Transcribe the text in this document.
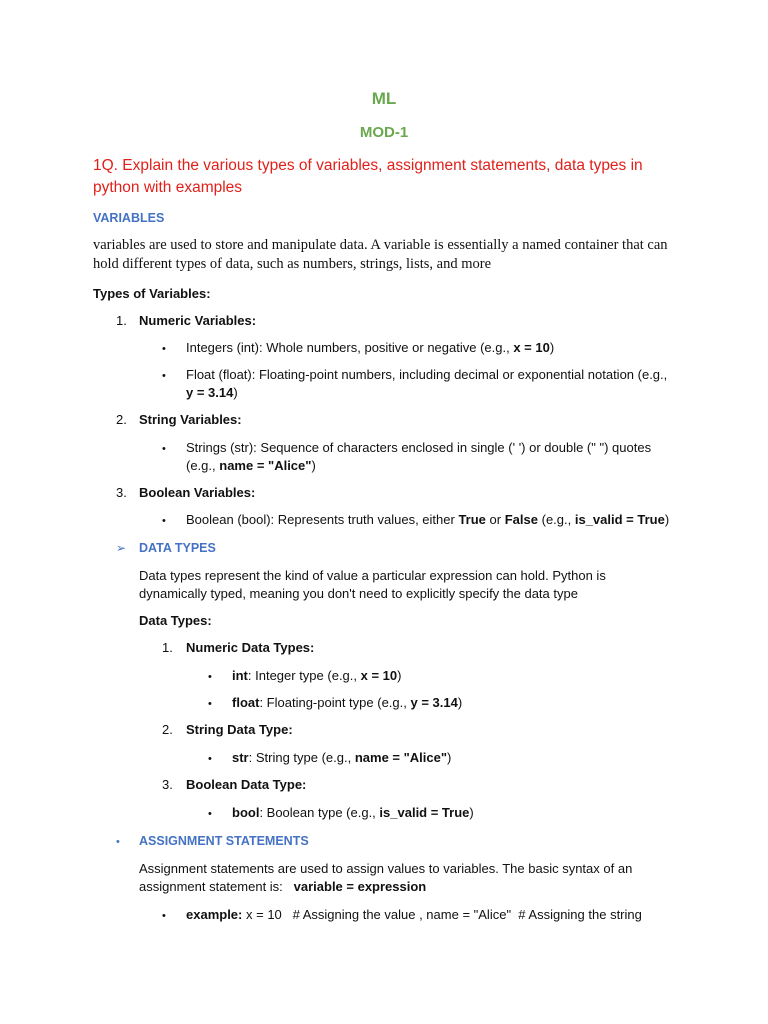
ML
MOD-1
1Q. Explain the various types of variables, assignment statements, data types in python with examples
VARIABLES
variables are used to store and manipulate data. A variable is essentially a named container that can hold different types of data, such as numbers, strings, lists, and more
Types of Variables:
1. Numeric Variables:
• Integers (int): Whole numbers, positive or negative (e.g., x = 10)
• Float (float): Floating-point numbers, including decimal or exponential notation (e.g.,
y = 3.14)
2. String Variables:
• Strings (str): Sequence of characters enclosed in single (' ') or double (" ") quotes
(e.g., name = "Alice")
3. Boolean Variables:
• Boolean (bool): Represents truth values, either True or False (e.g., is_valid = True)
➢ DATA TYPES
Data types represent the kind of value a particular expression can hold. Python is dynamically typed, meaning you don't need to explicitly specify the data type
Data Types:
1. Numeric Data Types:
• int: Integer type (e.g., x = 10)
• float: Floating-point type (e.g., y = 3.14)
2. String Data Type:
• str: String type (e.g., name = "Alice")
3. Boolean Data Type:
• bool: Boolean type (e.g., is_valid = True)
• ASSIGNMENT STATEMENTS
Assignment statements are used to assign values to variables. The basic syntax of an
assignment statement is: variable = expression
• example: x = 10   # Assigning the value , name = "Alice"  # Assigning the string
